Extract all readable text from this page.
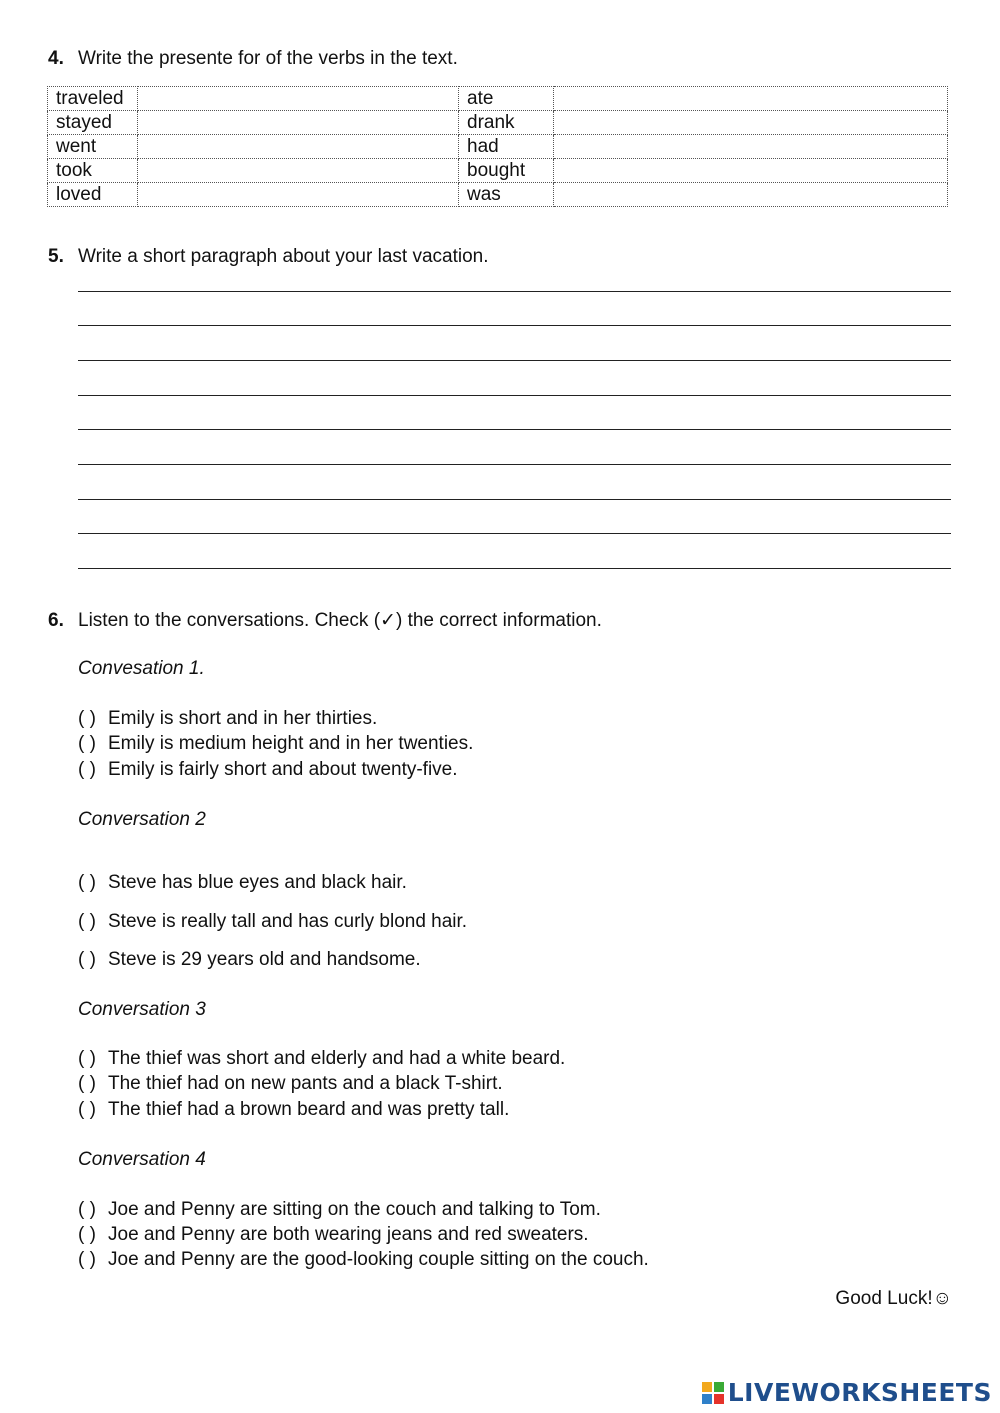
4. Write the presente for of the verbs in the text.
traveled		ate	
stayed		drank	
went		had	
took		bought	
loved		was	
5. Write a short paragraph about your last vacation.
6. Listen to the conversations. Check (✓) the correct information.
Convesation 1.
( ) Emily is short and in her thirties.
( ) Emily is medium height and in her twenties.
( ) Emily is fairly short and about twenty-five.
Conversation 2
( ) Steve has blue eyes and black hair.
( ) Steve is really tall and has curly blond hair.
( ) Steve is 29 years old and handsome.
Conversation 3
( ) The thief was short and elderly and had a white beard.
( ) The thief had on new pants and a black T-shirt.
( ) The thief had a brown beard and was pretty tall.
Conversation 4
( ) Joe and Penny are sitting on the couch and talking to Tom.
( ) Joe and Penny are both wearing jeans and red sweaters.
( ) Joe and Penny are the good-looking couple sitting on the couch.
Good Luck!☺
LIVEWORKSHEETS
